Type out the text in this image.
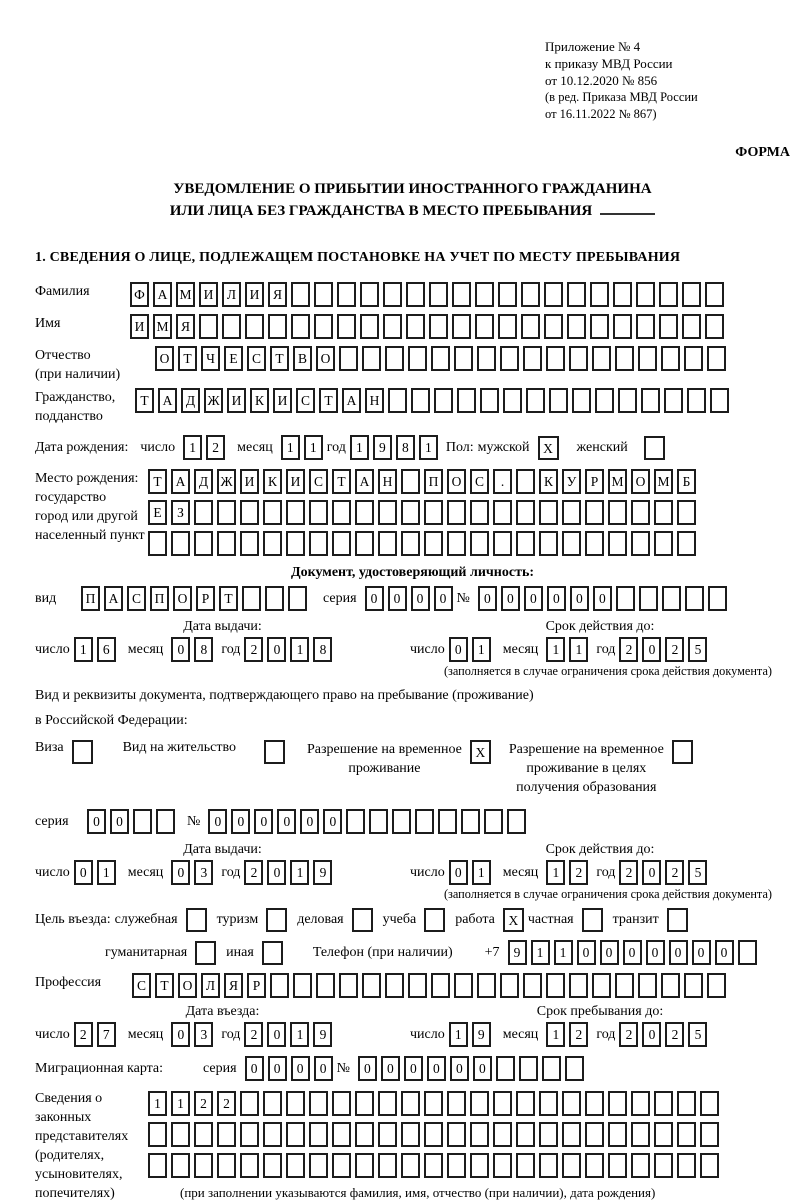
Приложение № 4
к приказу МВД России
от 10.12.2020 № 856
(в ред. Приказа МВД России
от 16.11.2022 № 867)
ФОРМА
УВЕДОМЛЕНИЕ О ПРИБЫТИИ ИНОСТРАННОГО ГРАЖДАНИНА
ИЛИ ЛИЦА БЕЗ ГРАЖДАНСТВА В МЕСТО ПРЕБЫВАНИЯ
1. СВЕДЕНИЯ О ЛИЦЕ, ПОДЛЕЖАЩЕМ ПОСТАНОВКЕ НА УЧЕТ ПО МЕСТУ ПРЕБЫВАНИЯ
Фамилия	Ф А М И	Л	И	Я
Имя	И М Я
Отчество
(при наличии)
О	Т	Ч	Е	С	Т	В	О
Гражданство,
подданство
Т	А	Д Ж И	К	И	С	Т	А Н
Дата рождения: число	1	2	месяц	1	1 год 1	9	8	1	Пол: мужской	X	женский
Место рождения:
государство
город или другой
населенный пункт
Т	А	Д Ж И	К	И	С	Т	А Н	П О	С	.	К	У	Р М О М Б
Е	З
Документ, удостоверяющий личность:
вид	П А	С	П О	Р	Т	серия	0	0	0	0 №	0	0	0	0	0	0
Дата выдачи:
число 1	6	месяц	0	8	год 2	0	1	8
Срок действия до:
число 0	1	месяц	1	1	год 2	0	2	5
(заполняется в случае ограничения срока действия документа)
Вид и реквизиты документа, подтверждающего право на пребывание (проживание)
в Российской Федерации:
Виза	Вид на жительство	Разрешение на временное
проживание
X	Разрешение на временное
проживание в целях
получения образования
серия	0	0	№	0	0	0	0	0	0
Дата выдачи:
число 0	1	месяц	0	3	год 2	0	1	9
Срок действия до:
число 0	1	месяц	1	2	год 2	0	2	5
(заполняется в случае ограничения срока действия документа)
Цель въезда: служебная	туризм	деловая	учеба	работа	X частная	транзит
гуманитарная	иная	Телефон (при наличии) +7	9	1	1	0	0	0	0	0	0	0
Профессия	С	Т	О	Л	Я	Р
Дата въезда:
число 2	7	месяц	0	3	год 2	0	1	9
Срок пребывания до:
число 1	9	месяц	1	2	год 2	0	2	5
Миграционная карта:	серия	0	0	0	0 №	0	0	0	0	0	0
Сведения о
законных
представителях
(родителях,
усыновителях,
попечителях)
1	1	2	2
(при заполнении указываются фамилия, имя, отчество (при наличии), дата рождения)
